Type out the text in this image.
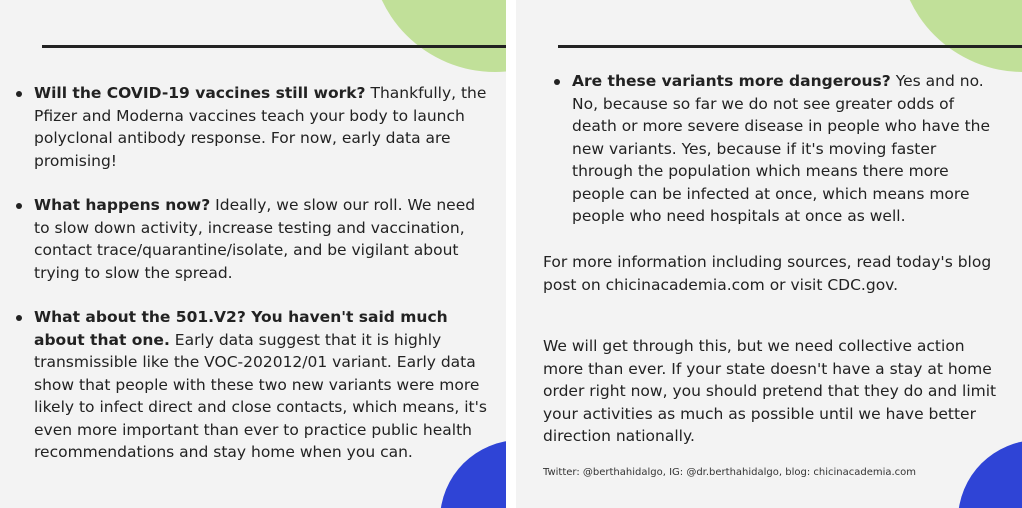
Will the COVID-19 vaccines still work? Thankfully, the Pfizer and Moderna vaccines teach your body to launch polyclonal antibody response. For now, early data are promising!
What happens now? Ideally, we slow our roll. We need to slow down activity, increase testing and vaccination, contact trace/quarantine/isolate, and be vigilant about trying to slow the spread.
What about the 501.V2? You haven't said much about that one. Early data suggest that it is highly transmissible like the VOC-202012/01 variant. Early data show that people with these two new variants were more likely to infect direct and close contacts, which means, it's even more important than ever to practice public health recommendations and stay home when you can.
Are these variants more dangerous? Yes and no. No, because so far we do not see greater odds of death or more severe disease in people who have the new variants. Yes, because if it's moving faster through the population which means there more people can be infected at once, which means more people who need hospitals at once as well.

For more information including sources, read today's blog post on chicinacademia.com or visit CDC.gov.

We will get through this, but we need collective action more than ever. If your state doesn't have a stay at home order right now, you should pretend that they do and limit your activities as much as possible until we have better direction nationally.

Twitter: @berthahidalgo, IG: @dr.berthahidalgo, blog: chicinacademia.com
